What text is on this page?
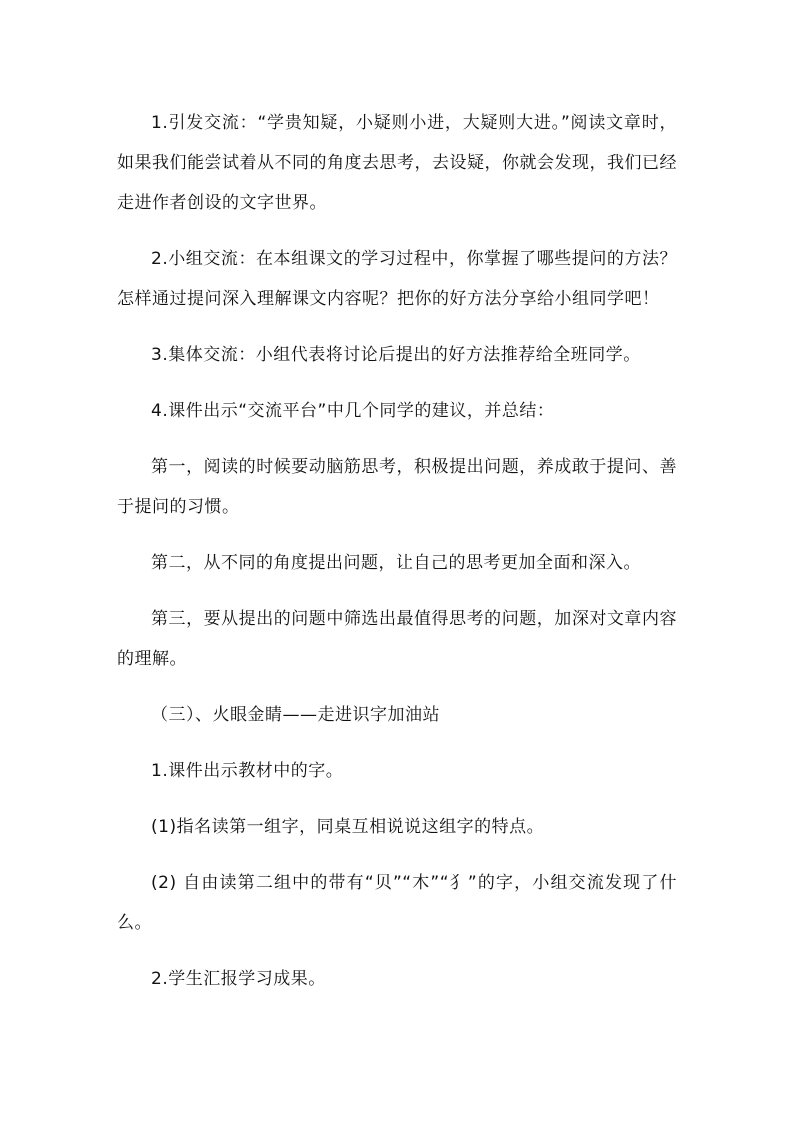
1.引发交流：“学贵知疑，小疑则小进，大疑则大进。”阅读文章时，如果我们能尝试着从不同的角度去思考，去设疑，你就会发现，我们已经走进作者创设的文字世界。

2.小组交流：在本组课文的学习过程中，你掌握了哪些提问的方法？怎样通过提问深入理解课文内容呢？把你的好方法分享给小组同学吧！

3.集体交流：小组代表将讨论后提出的好方法推荐给全班同学。

4.课件出示“交流平台”中几个同学的建议，并总结：

第一，阅读的时候要动脑筋思考，积极提出问题，养成敢于提问、善于提问的习惯。

第二，从不同的角度提出问题，让自己的思考更加全面和深入。

第三，要从提出的问题中筛选出最值得思考的问题，加深对文章内容的理解。

（三）、火眼金睛——走进识字加油站

1.课件出示教材中的字。

(1)指名读第一组字，同桌互相说说这组字的特点。

(2) 自由读第二组中的带有“贝”“木”“犭”的字，小组交流发现了什么。

2.学生汇报学习成果。
